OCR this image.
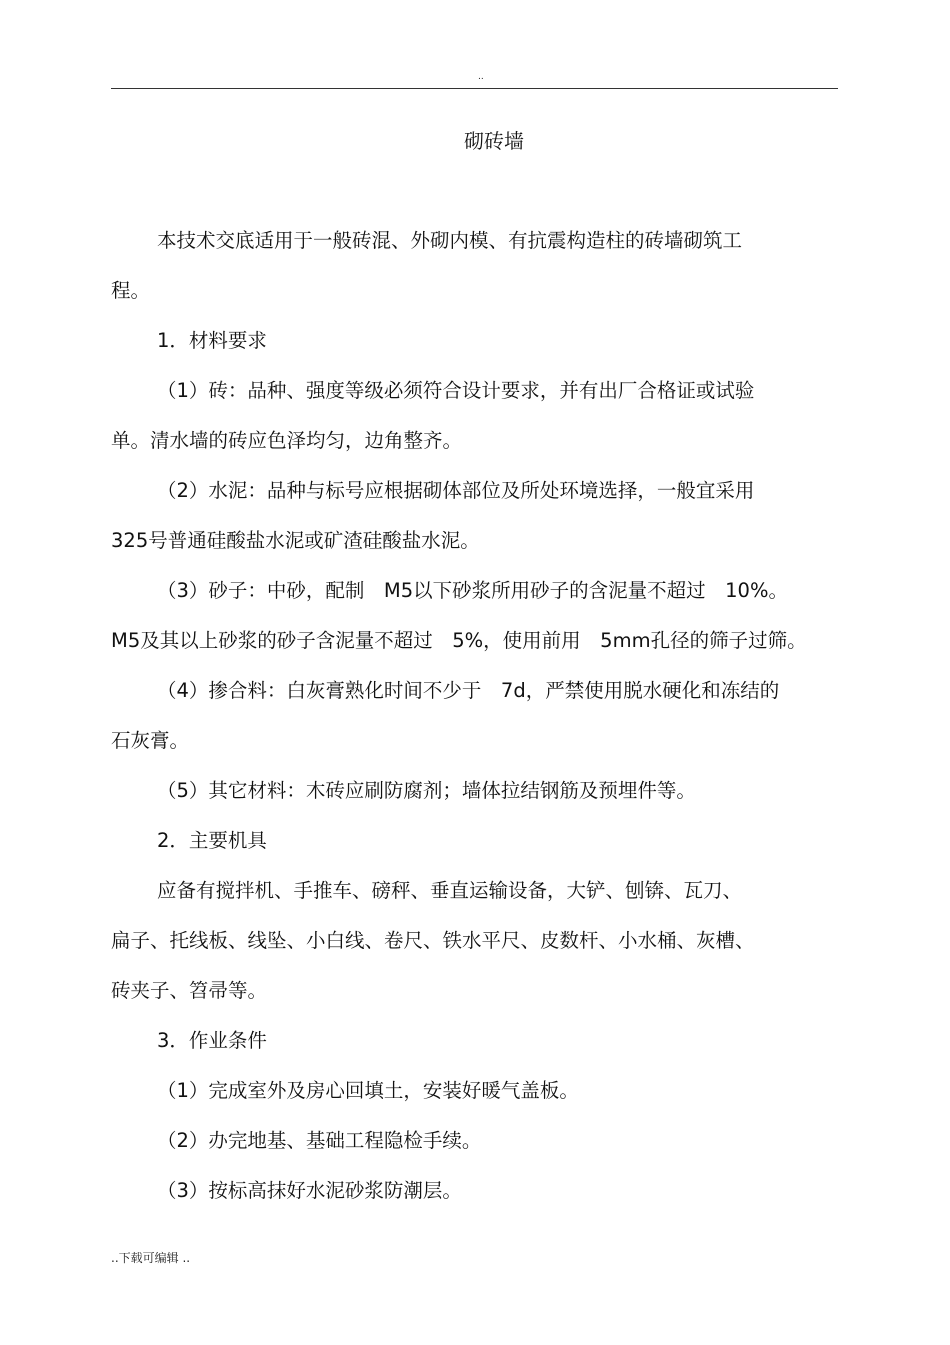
..
砌砖墙
本技术交底适用于一般砖混、外砌内模、有抗震构造柱的砖墙砌筑工
程。
1．材料要求
（1）砖：品种、强度等级必须符合设计要求，并有出厂合格证或试验
单。清水墙的砖应色泽均匀，边角整齐。
（2）水泥：品种与标号应根据砌体部位及所处环境选择，一般宜采用
325号普通硅酸盐水泥或矿渣硅酸盐水泥。
（3）砂子：中砂，配制　M5以下砂浆所用砂子的含泥量不超过　10%。
M5及其以上砂浆的砂子含泥量不超过　5%，使用前用　5mm孔径的筛子过筛。
（4）掺合料：白灰膏熟化时间不少于　7d，严禁使用脱水硬化和冻结的
石灰膏。
（5）其它材料：木砖应刷防腐剂；墙体拉结钢筋及预埋件等。
2．主要机具
应备有搅拌机、手推车、磅秤、垂直运输设备，大铲、刨锛、瓦刀、
扁子、托线板、线坠、小白线、卷尺、铁水平尺、皮数杆、小水桶、灰槽、
砖夹子、笤帚等。
3．作业条件
（1）完成室外及房心回填土，安装好暖气盖板。
（2）办完地基、基础工程隐检手续。
（3）按标高抹好水泥砂浆防潮层。
..下载可编辑 ..
